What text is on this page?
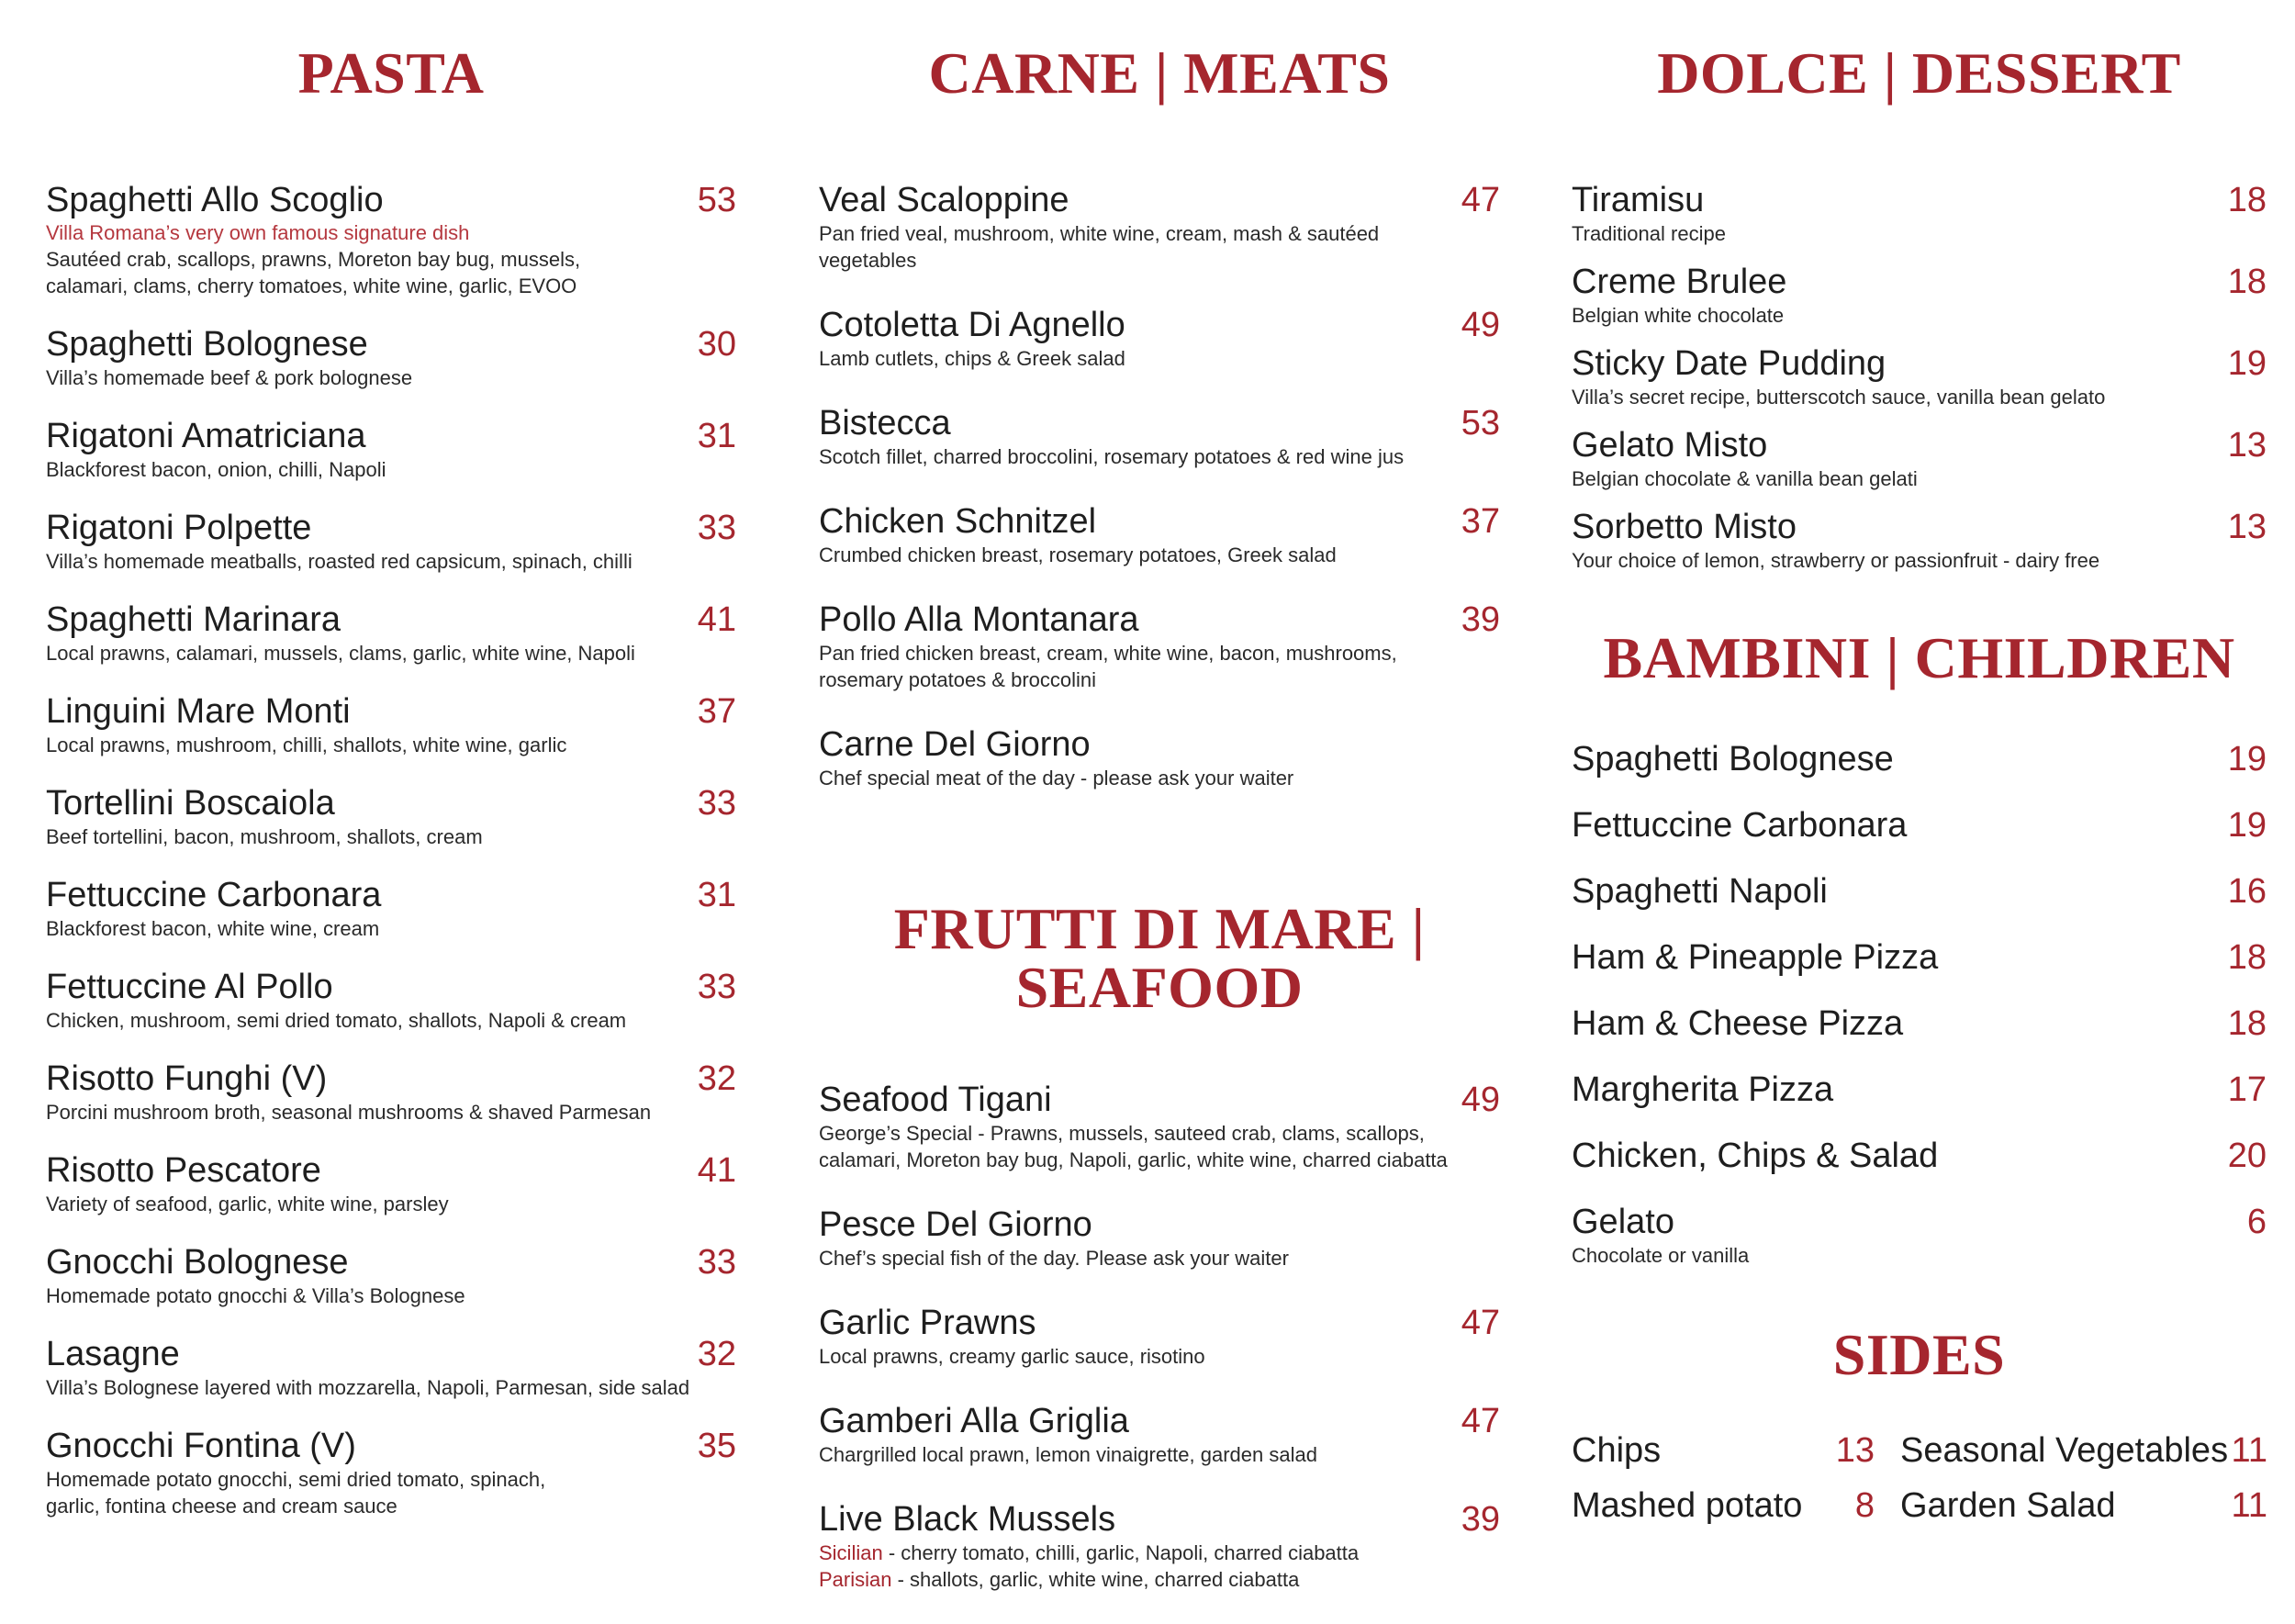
PASTA
Spaghetti Allo Scoglio	53
Villa Romana’s very own famous signature dish
Sautéed crab, scallops, prawns, Moreton bay bug, mussels,
calamari, clams, cherry tomatoes, white wine, garlic, EVOO
Spaghetti Bolognese	30
Villa’s homemade beef & pork bolognese
Rigatoni Amatriciana	31
Blackforest bacon, onion, chilli, Napoli
Rigatoni Polpette	33
Villa’s homemade meatballs, roasted red capsicum, spinach, chilli
Spaghetti Marinara	41
Local prawns, calamari, mussels, clams, garlic, white wine, Napoli
Linguini Mare Monti	37
Local prawns, mushroom, chilli, shallots, white wine, garlic
Tortellini Boscaiola	33
Beef tortellini, bacon, mushroom, shallots, cream
Fettuccine Carbonara	31
Blackforest bacon, white wine, cream
Fettuccine Al Pollo	33
Chicken, mushroom, semi dried tomato, shallots, Napoli & cream
Risotto Funghi (V)	32
Porcini mushroom broth, seasonal mushrooms & shaved Parmesan
Risotto Pescatore	41
Variety of seafood, garlic, white wine, parsley
Gnocchi Bolognese	33
Homemade potato gnocchi & Villa’s Bolognese
Lasagne	32
Villa’s Bolognese layered with mozzarella, Napoli, Parmesan, side salad
Gnocchi Fontina (V)	35
Homemade potato gnocchi, semi dried tomato, spinach,
garlic, fontina cheese and cream sauce
CARNE | MEATS
Veal Scaloppine	47
Pan fried veal, mushroom, white wine, cream, mash & sautéed
vegetables
Cotoletta Di Agnello	49
Lamb cutlets, chips & Greek salad
Bistecca	53
Scotch fillet, charred broccolini, rosemary potatoes & red wine jus
Chicken Schnitzel	37
Crumbed chicken breast, rosemary potatoes, Greek salad
Pollo Alla Montanara	39
Pan fried chicken breast, cream, white wine, bacon, mushrooms,
rosemary potatoes & broccolini
Carne Del Giorno
Chef special meat of the day - please ask your waiter
FRUTTI DI MARE | SEAFOOD
Seafood Tigani	49
George’s Special - Prawns, mussels, sauteed crab, clams, scallops,
calamari, Moreton bay bug, Napoli, garlic, white wine, charred ciabatta
Pesce Del Giorno
Chef’s special fish of the day. Please ask your waiter
Garlic Prawns	47
Local prawns, creamy garlic sauce, risotino
Gamberi Alla Griglia	47
Chargrilled local prawn, lemon vinaigrette, garden salad
Live Black Mussels	39
Sicilian - cherry tomato, chilli, garlic, Napoli, charred ciabatta
Parisian - shallots, garlic, white wine, charred ciabatta
DOLCE | DESSERT
Tiramisu	18
Traditional recipe
Creme Brulee	18
Belgian white chocolate
Sticky Date Pudding	19
Villa’s secret recipe, butterscotch sauce, vanilla bean gelato
Gelato Misto	13
Belgian chocolate & vanilla bean gelati
Sorbetto Misto	13
Your choice of lemon, strawberry or passionfruit - dairy free
BAMBINI | CHILDREN
Spaghetti Bolognese	19
Fettuccine Carbonara	19
Spaghetti Napoli	16
Ham & Pineapple Pizza	18
Ham & Cheese Pizza	18
Margherita Pizza	17
Chicken, Chips & Salad	20
Gelato	6
Chocolate or vanilla
SIDES
Chips	13 Seasonal Vegetables 11
Mashed potato	8 Garden Salad	11
